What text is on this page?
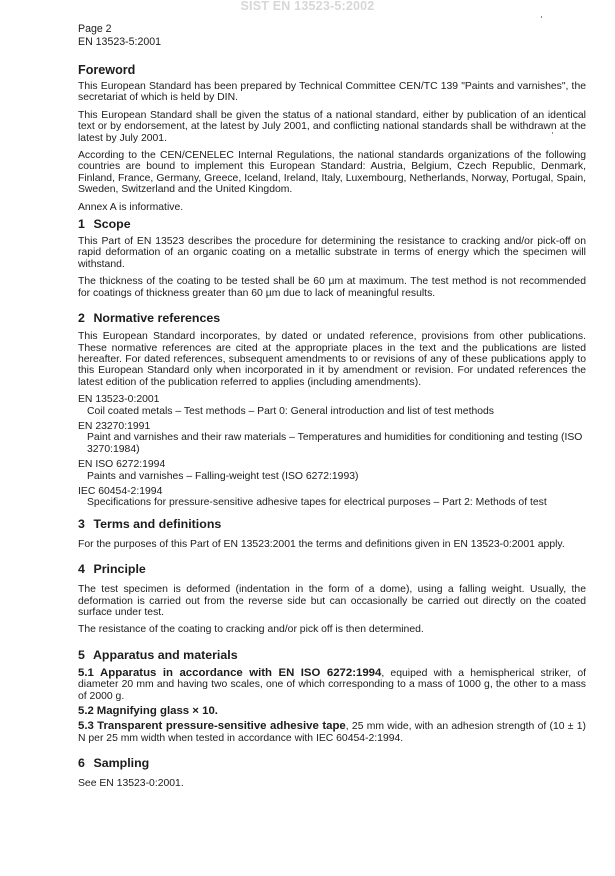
SIST EN 13523-5:2002
Page 2
EN 13523-5:2001
Foreword

This European Standard has been prepared by Technical Committee CEN/TC 139 "Paints and varnishes", the secretariat of which is held by DIN.

This European Standard shall be given the status of a national standard, either by publication of an identical text or by endorsement, at the latest by July 2001, and conflicting national standards shall be withdrawn at the latest by July 2001.

According to the CEN/CENELEC Internal Regulations, the national standards organizations of the following countries are bound to implement this European Standard: Austria, Belgium, Czech Republic, Denmark, Finland, France, Germany, Greece, Iceland, Ireland, Italy, Luxembourg, Netherlands, Norway, Portugal, Spain, Sweden, Switzerland and the United Kingdom.

Annex A is informative.

1 Scope

This Part of EN 13523 describes the procedure for determining the resistance to cracking and/or pick-off on rapid deformation of an organic coating on a metallic substrate in terms of energy which the specimen will withstand.

The thickness of the coating to be tested shall be 60 µm at maximum. The test method is not recommended for coatings of thickness greater than 60 µm due to lack of meaningful results.

2 Normative references

This European Standard incorporates, by dated or undated reference, provisions from other publications. These normative references are cited at the appropriate places in the text and the publications are listed hereafter. For dated references, subsequent amendments to or revisions of any of these publications apply to this European Standard only when incorporated in it by amendment or revision. For undated references the latest edition of the publication referred to applies (including amendments).

EN 13523-0:2001
Coil coated metals – Test methods – Part 0: General introduction and list of test methods
EN 23270:1991
Paint and varnishes and their raw materials – Temperatures and humidities for conditioning and testing (ISO 3270:1984)
EN ISO 6272:1994
Paints and varnishes – Falling-weight test (ISO 6272:1993)
IEC 60454-2:1994
Specifications for pressure-sensitive adhesive tapes for electrical purposes – Part 2: Methods of test
3 Terms and definitions

For the purposes of this Part of EN 13523:2001 the terms and definitions given in EN 13523-0:2001 apply.

4 Principle

The test specimen is deformed (indentation in the form of a dome), using a falling weight. Usually, the deformation is carried out from the reverse side but can occasionally be carried out directly on the coated surface under test.

The resistance of the coating to cracking and/or pick off is then determined.

5 Apparatus and materials
5.1 Apparatus in accordance with EN ISO 6272:1994, equiped with a hemispherical striker, of diameter 20 mm and having two scales, one of which corresponding to a mass of 1000 g, the other to a mass of 2000 g.
5.2 Magnifying glass × 10.
5.3 Transparent pressure-sensitive adhesive tape, 25 mm wide, with an adhesion strength of (10 ± 1) N per 25 mm width when tested in accordance with IEC 60454-2:1994.
6 Sampling

See EN 13523-0:2001.
